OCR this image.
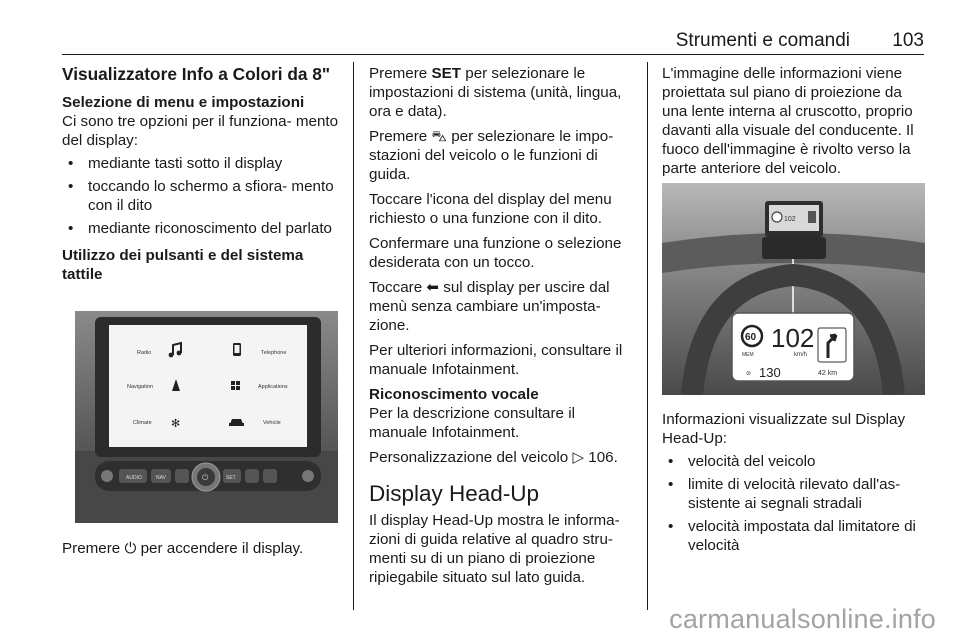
Strumenti e comandi 103
Visualizzatore Info a Colori da 8"
Selezione di menu e impostazioni

Ci sono tre opzioni per il funziona- mento del display:

• mediante tasti sotto il display
• toccando lo schermo a sfiora- mento con il dito
• mediante riconoscimento del parlato
Utilizzo dei pulsanti e del sistema tattile
Radio
Navigation
Climate
Telephone
Applications
Vehicle
✻
AUDIO	NAV	⏻	SET

Premere ⏻ per accendere il display.

Premere SET per selezionare le impostazioni di sistema (unità, lingua, ora e data).

Premere ⛍ per selezionare le impo- stazioni del veicolo o le funzioni di guida.

Toccare l'icona del display del menu richiesto o una funzione con il dito.

Confermare una funzione o selezione desiderata con un tocco.

Toccare ⬅ sul display per uscire dal menù senza cambiare un'imposta- zione.

Per ulteriori informazioni, consultare il manuale Infotainment.

Riconoscimento vocale

Per la descrizione consultare il manuale Infotainment.

Personalizzazione del veicolo ▷ 106.

Display Head-Up

Il display Head-Up mostra le informa- zioni di guida relative al quadro stru- menti su di un piano di proiezione ripiegabile situato sul lato guida.

L'immagine delle informazioni viene proiettata sul piano di proiezione da una lente interna al cruscotto, proprio davanti alla visuale del conducente. Il fuoco dell'immagine è rivolto verso la parte anteriore del veicolo.

102
60
MEM
102
km/h
⊘ 130	42 km

Informazioni visualizzate sul Display Head-Up:

• velocità del veicolo
• limite di velocità rilevato dall'as- sistente ai segnali stradali
• velocità impostata dal limitatore di velocità
carmanualsonline.info
